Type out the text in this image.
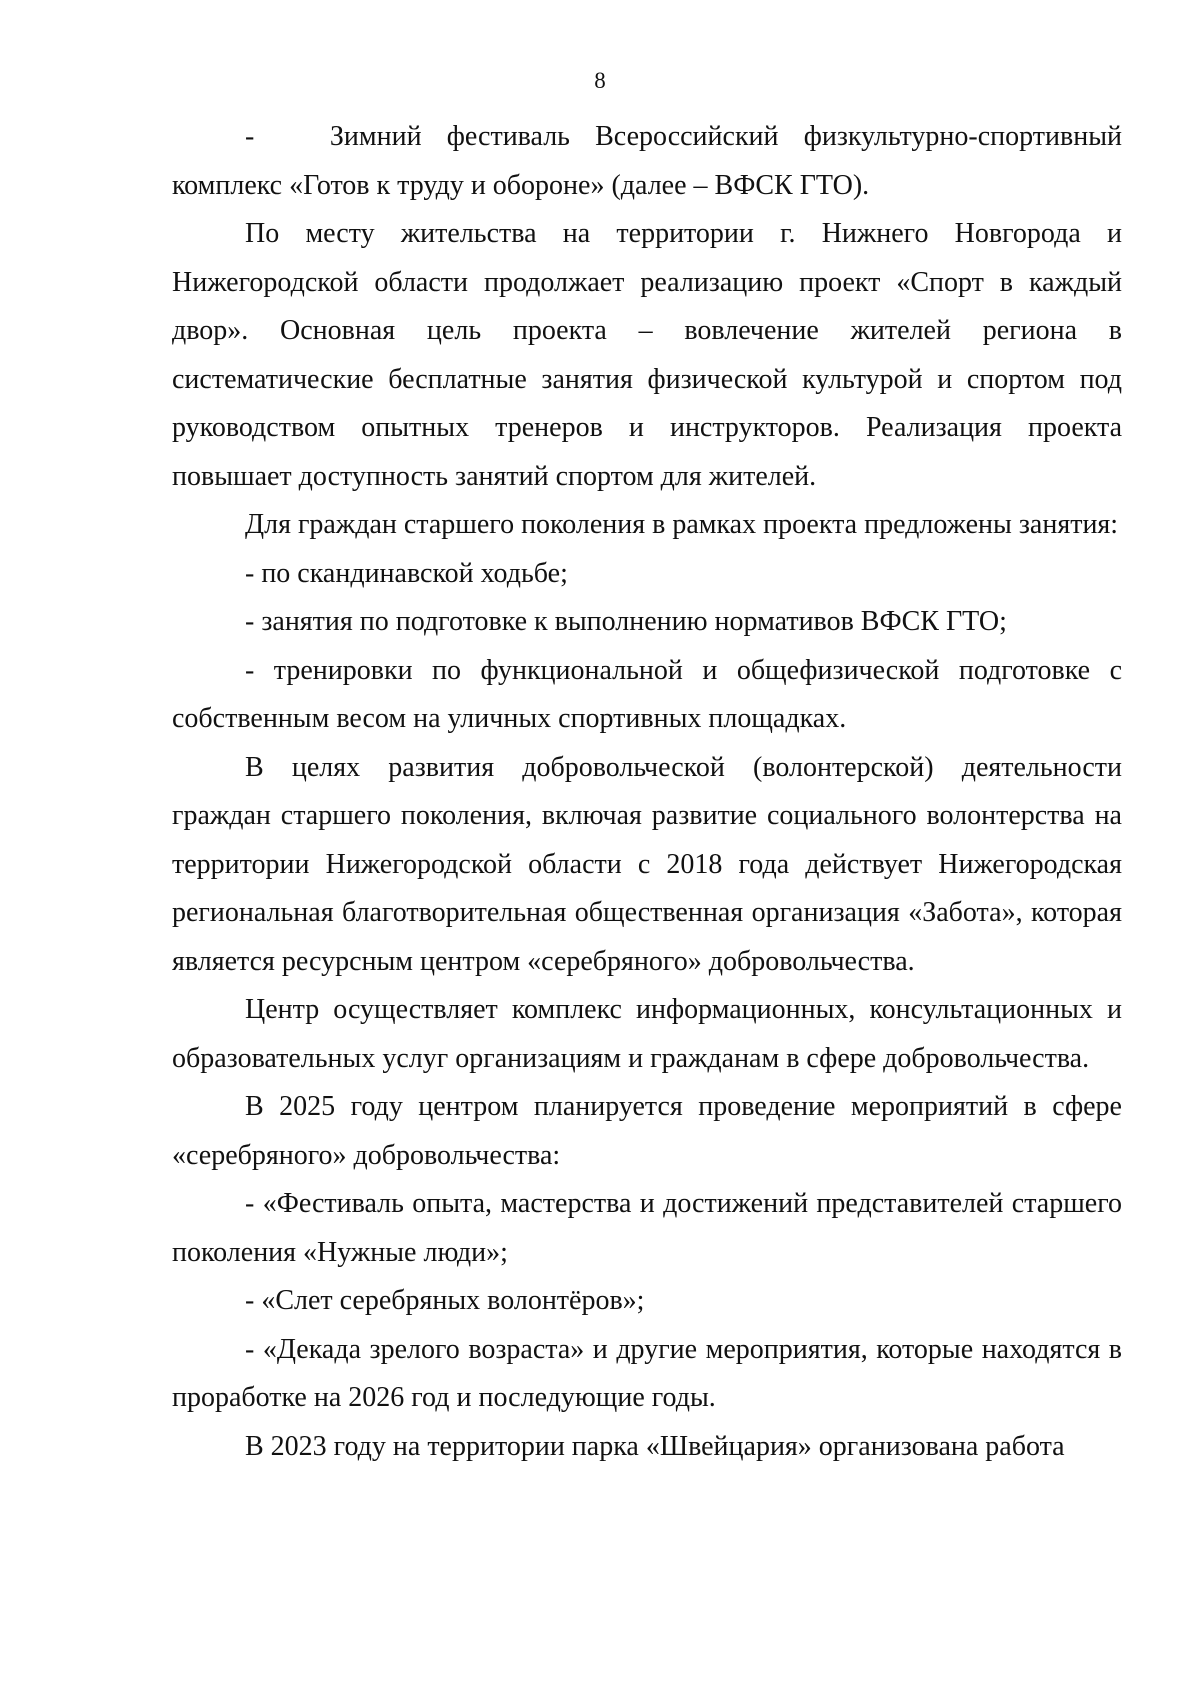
8

-   Зимний фестиваль Всероссийский физкультурно-спортивный комплекс «Готов к труду и обороне» (далее – ВФСК ГТО).

По месту жительства на территории г. Нижнего Новгорода и Нижегородской области продолжает реализацию проект «Спорт в каждый двор». Основная цель проекта – вовлечение жителей региона в систематические бесплатные занятия физической культурой и спортом под руководством опытных тренеров и инструкторов. Реализация проекта повышает доступность занятий спортом для жителей.

Для граждан старшего поколения в рамках проекта предложены занятия:

- по скандинавской ходьбе;

- занятия по подготовке к выполнению нормативов ВФСК ГТО;

- тренировки по функциональной и общефизической подготовке с собственным весом на уличных спортивных площадках.

В целях развития добровольческой (волонтерской) деятельности граждан старшего поколения, включая развитие социального волонтерства на территории Нижегородской области с 2018 года действует Нижегородская региональная благотворительная общественная организация «Забота», которая является ресурсным центром «серебряного» добровольчества.

Центр осуществляет комплекс информационных, консультационных и образовательных услуг организациям и гражданам в сфере добровольчества.

В 2025 году центром планируется проведение мероприятий в сфере «серебряного» добровольчества:

- «Фестиваль опыта, мастерства и достижений представителей старшего поколения «Нужные люди»;

- «Слет серебряных волонтёров»;

- «Декада зрелого возраста» и другие мероприятия, которые находятся в проработке на 2026 год и последующие годы.

В 2023 году на территории парка «Швейцария» организована работа
